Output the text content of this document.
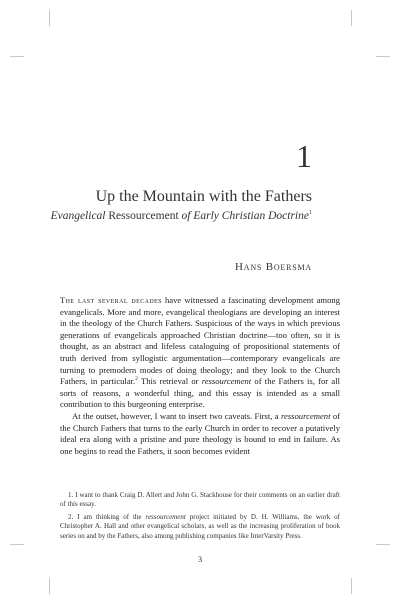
1
Up the Mountain with the Fathers
Evangelical Ressourcement of Early Christian Doctrine$^1$
Hans Boersma

The last several decades have witnessed a fascinating development among evangelicals. More and more, evangelical theologians are developing an interest in the theology of the Church Fathers. Suspicious of the ways in which previous generations of evangelicals approached Christian doctrine—too often, so it is thought, as an abstract and lifeless cataloguing of propositional statements of truth derived from syllogistic argumentation—contemporary evangelicals are turning to premodern modes of doing theology; and they look to the Church Fathers, in particular.$^2$ This retrieval or ressourcement of the Fathers is, for all sorts of reasons, a wonderful thing, and this essay is intended as a small contribution to this burgeoning enterprise.

At the outset, however, I want to insert two caveats. First, a ressourcement of the Church Fathers that turns to the early Church in order to recover a putatively ideal era along with a pristine and pure theology is bound to end in failure. As one begins to read the Fathers, it soon becomes evident

1. I want to thank Craig D. Allert and John G. Stackhouse for their comments on an earlier draft of this essay.

2. I am thinking of the ressourcement project initiated by D. H. Williams, the work of Christopher A. Hall and other evangelical scholars, as well as the increasing proliferation of book series on and by the Fathers, also among publishing companies like InterVarsity Press.

3
